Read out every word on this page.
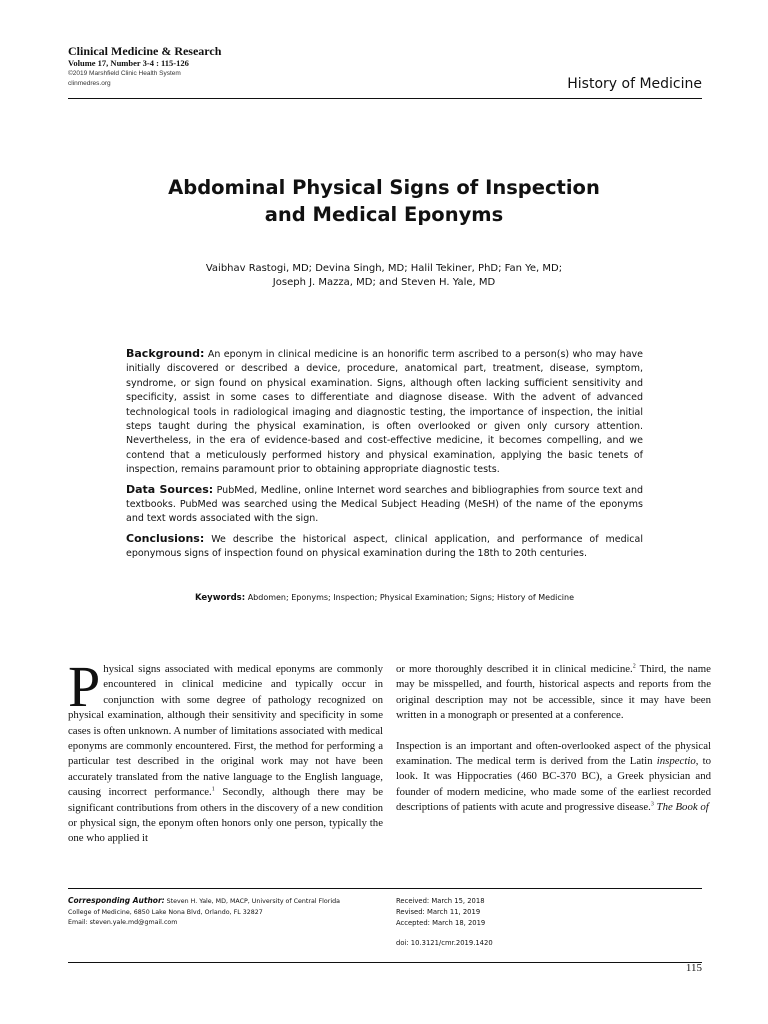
Clinical Medicine & Research
Volume 17, Number 3-4 : 115-126
©2019 Marshfield Clinic Health System
clinmedres.org	History of Medicine
Abdominal Physical Signs of Inspection
and Medical Eponyms
Vaibhav Rastogi, MD; Devina Singh, MD; Halil Tekiner, PhD; Fan Ye, MD;
Joseph J. Mazza, MD; and Steven H. Yale, MD

Background: An eponym in clinical medicine is an honorific term ascribed to a person(s) who may have initially discovered or described a device, procedure, anatomical part, treatment, disease, symptom, syndrome, or sign found on physical examination. Signs, although often lacking sufficient sensitivity and specificity, assist in some cases to differentiate and diagnose disease. With the advent of advanced technological tools in radiological imaging and diagnostic testing, the importance of inspection, the initial steps taught during the physical examination, is often overlooked or given only cursory attention. Nevertheless, in the era of evidence-based and cost-effective medicine, it becomes compelling, and we contend that a meticulously performed history and physical examination, applying the basic tenets of inspection, remains paramount prior to obtaining appropriate diagnostic tests.

Data Sources: PubMed, Medline, online Internet word searches and bibliographies from source text and textbooks. PubMed was searched using the Medical Subject Heading (MeSH) of the name of the eponyms and text words associated with the sign.

Conclusions: We describe the historical aspect, clinical application, and performance of medical eponymous signs of inspection found on physical examination during the 18th to 20th centuries.

Keywords: Abdomen; Eponyms; Inspection; Physical Examination; Signs; History of Medicine

Physical signs associated with medical eponyms are commonly encountered in clinical medicine and typically occur in conjunction with some degree of pathology recognized on physical examination, although their sensitivity and specificity in some cases is often unknown. A number of limitations associated with medical eponyms are commonly encountered. First, the method for performing a particular test described in the original work may not have been accurately translated from the native language to the English language, causing incorrect performance.$^1$ Secondly, although there may be significant contributions from others in the discovery of a new condition or physical sign, the eponym often honors only one person, typically the one who applied it

or more thoroughly described it in clinical medicine.$^2$ Third, the name may be misspelled, and fourth, historical aspects and reports from the original description may not be accessible, since it may have been written in a monograph or presented at a conference.

Inspection is an important and often-overlooked aspect of the physical examination. The medical term is derived from the Latin inspectio, to look. It was Hippocraties (460 BC-370 BC), a Greek physician and founder of modern medicine, who made some of the earliest recorded descriptions of patients with acute and progressive disease.$^3$ The Book of

Corresponding Author: Steven H. Yale, MD, MACP, University of Central Florida
College of Medicine, 6850 Lake Nona Blvd, Orlando, FL 32827
Email: steven.yale.md@gmail.com
Received: March 15, 2018
Revised: March 11, 2019
Accepted: March 18, 2019
doi: 10.3121/cmr.2019.1420
115
